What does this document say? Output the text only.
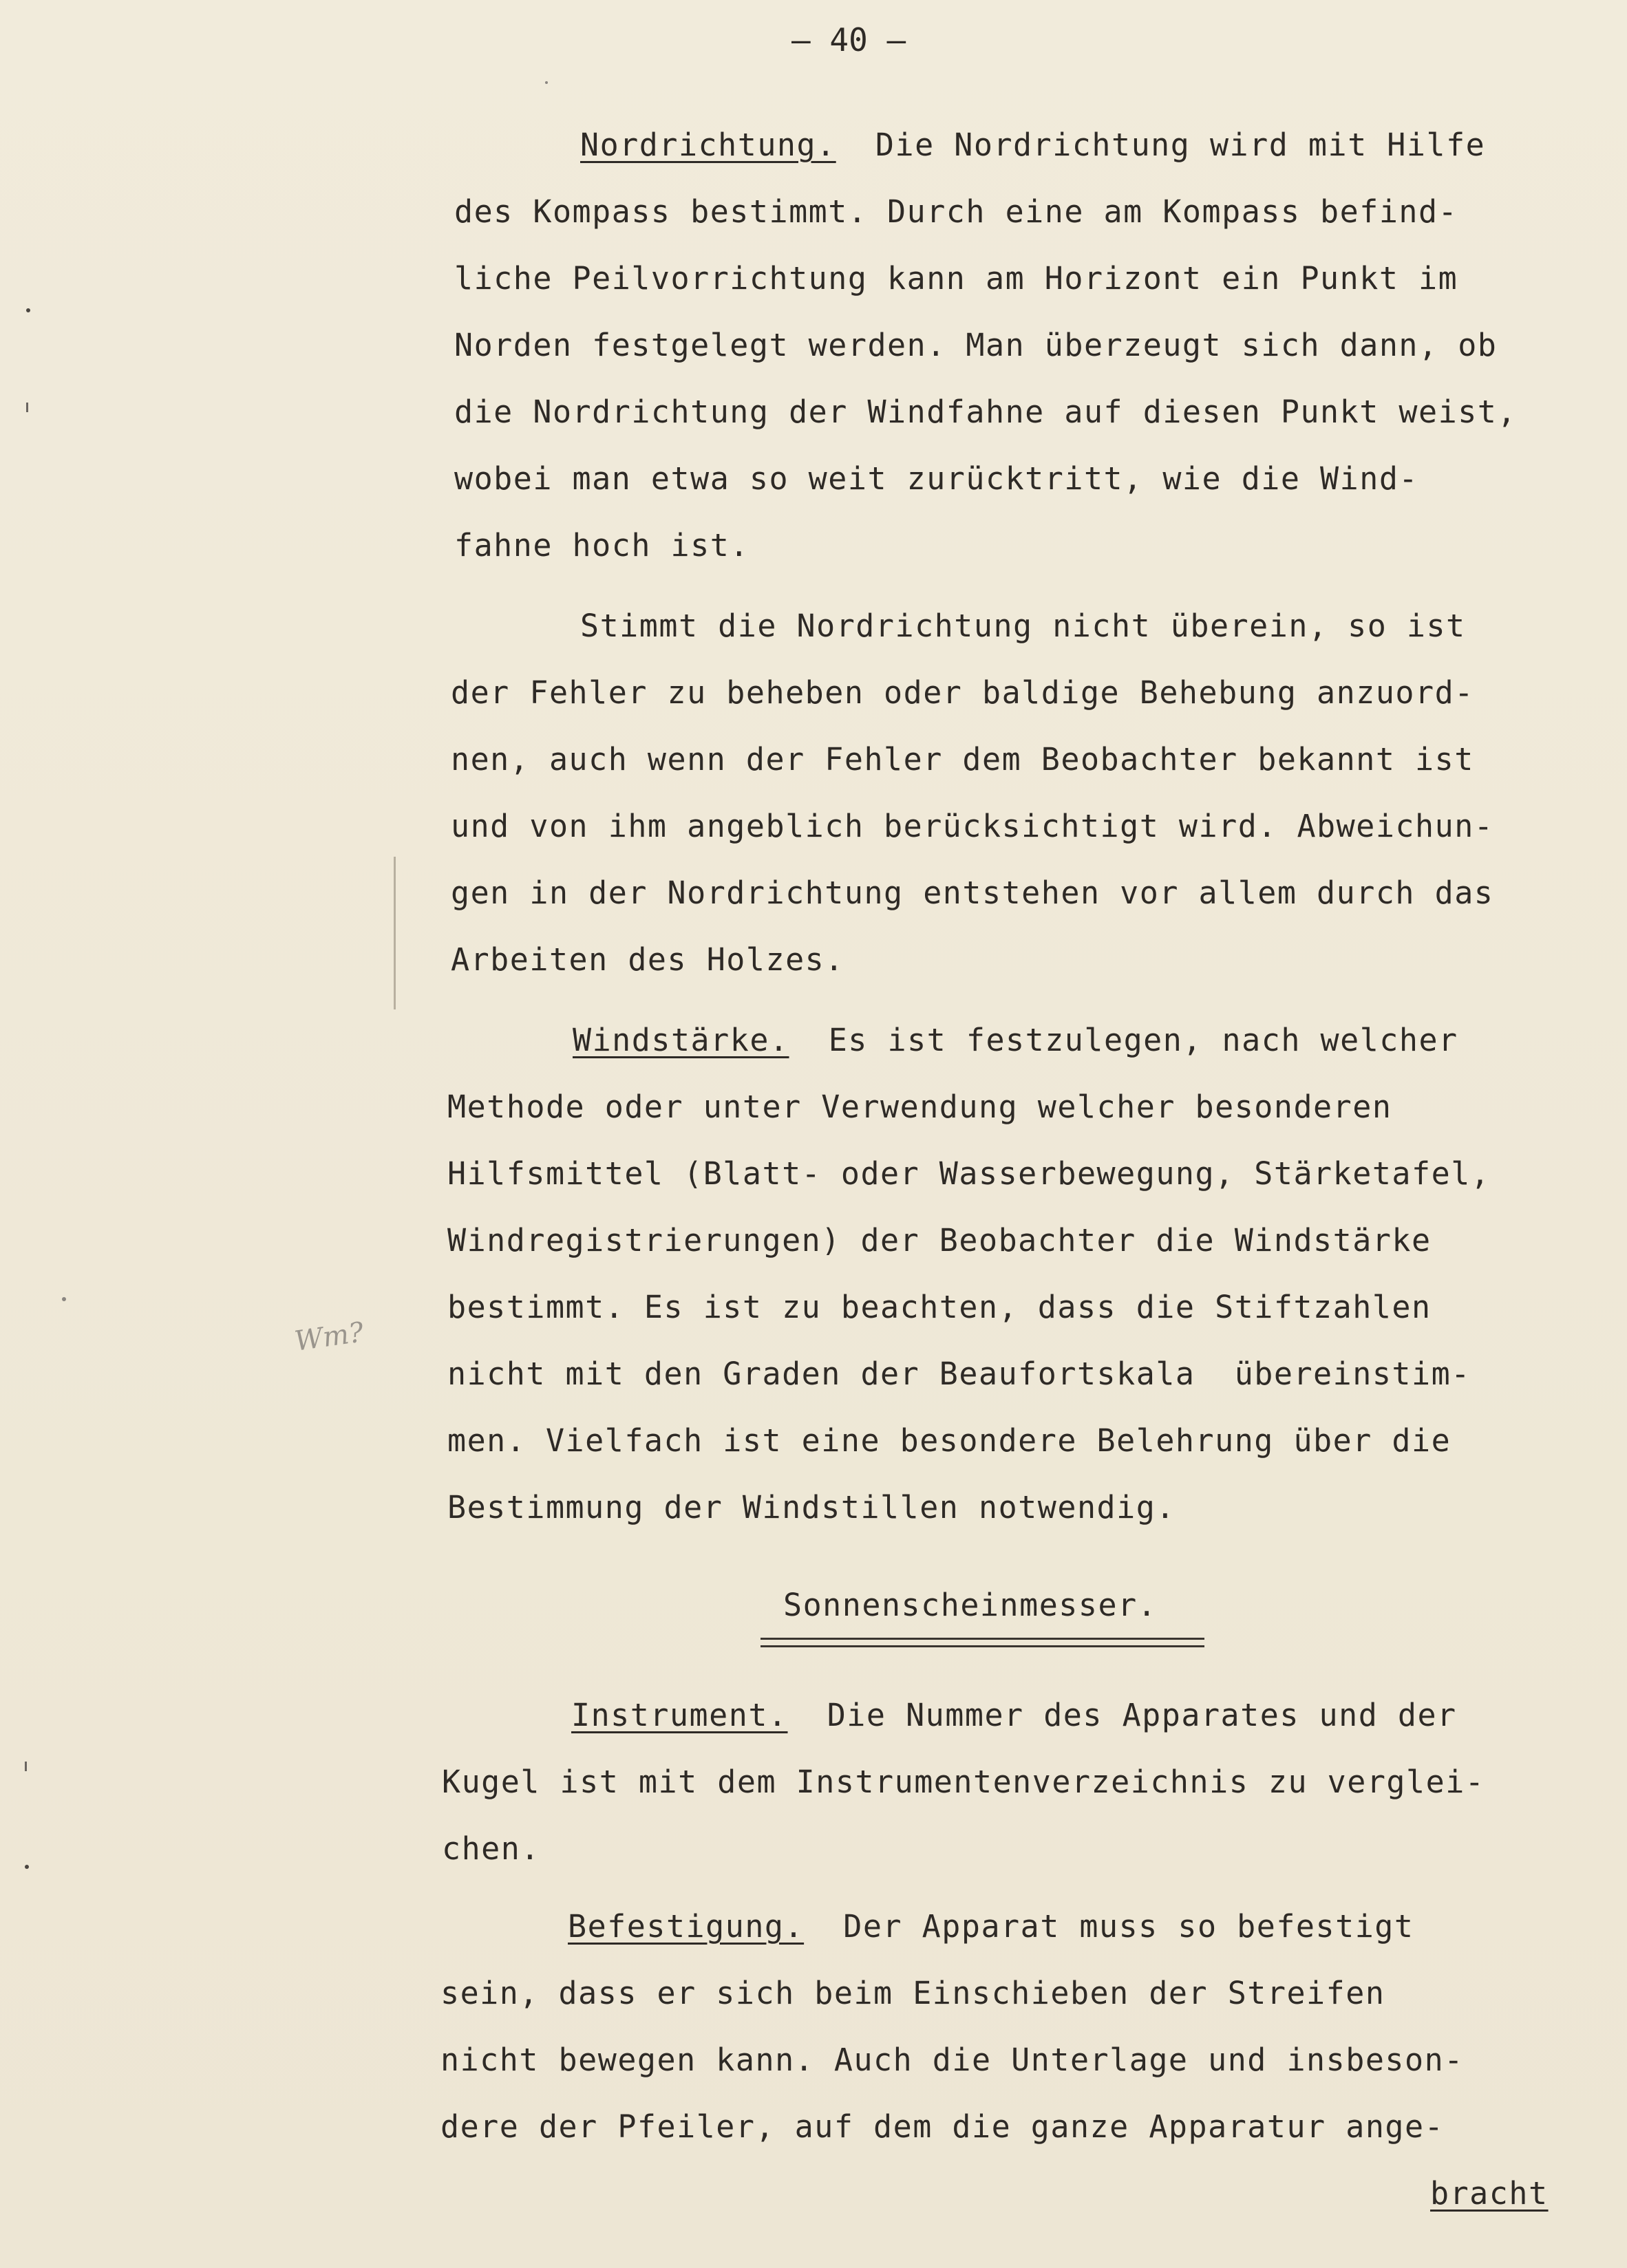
– 40 –
Nordrichtung.  Die Nordrichtung wird mit Hilfe
des Kompass bestimmt. Durch eine am Kompass befind-
liche Peilvorrichtung kann am Horizont ein Punkt im
Norden festgelegt werden. Man überzeugt sich dann, ob
die Nordrichtung der Windfahne auf diesen Punkt weist,
wobei man etwa so weit zurücktritt, wie die Wind-
fahne hoch ist.
Stimmt die Nordrichtung nicht überein, so ist
der Fehler zu beheben oder baldige Behebung anzuord-
nen, auch wenn der Fehler dem Beobachter bekannt ist
und von ihm angeblich berücksichtigt wird. Abweichun-
gen in der Nordrichtung entstehen vor allem durch das
Arbeiten des Holzes.
Windstärke.  Es ist festzulegen, nach welcher
Methode oder unter Verwendung welcher besonderen
Hilfsmittel (Blatt- oder Wasserbewegung, Stärketafel,
Windregistrierungen) der Beobachter die Windstärke
bestimmt. Es ist zu beachten, dass die Stiftzahlen
nicht mit den Graden der Beaufortskala  übereinstim-
men. Vielfach ist eine besondere Belehrung über die
Bestimmung der Windstillen notwendig.
Sonnenscheinmesser.
Instrument.  Die Nummer des Apparates und der
Kugel ist mit dem Instrumentenverzeichnis zu verglei-
chen.
Befestigung.  Der Apparat muss so befestigt
sein, dass er sich beim Einschieben der Streifen
nicht bewegen kann. Auch die Unterlage und insbeson-
dere der Pfeiler, auf dem die ganze Apparatur ange-
bracht
Wm?
